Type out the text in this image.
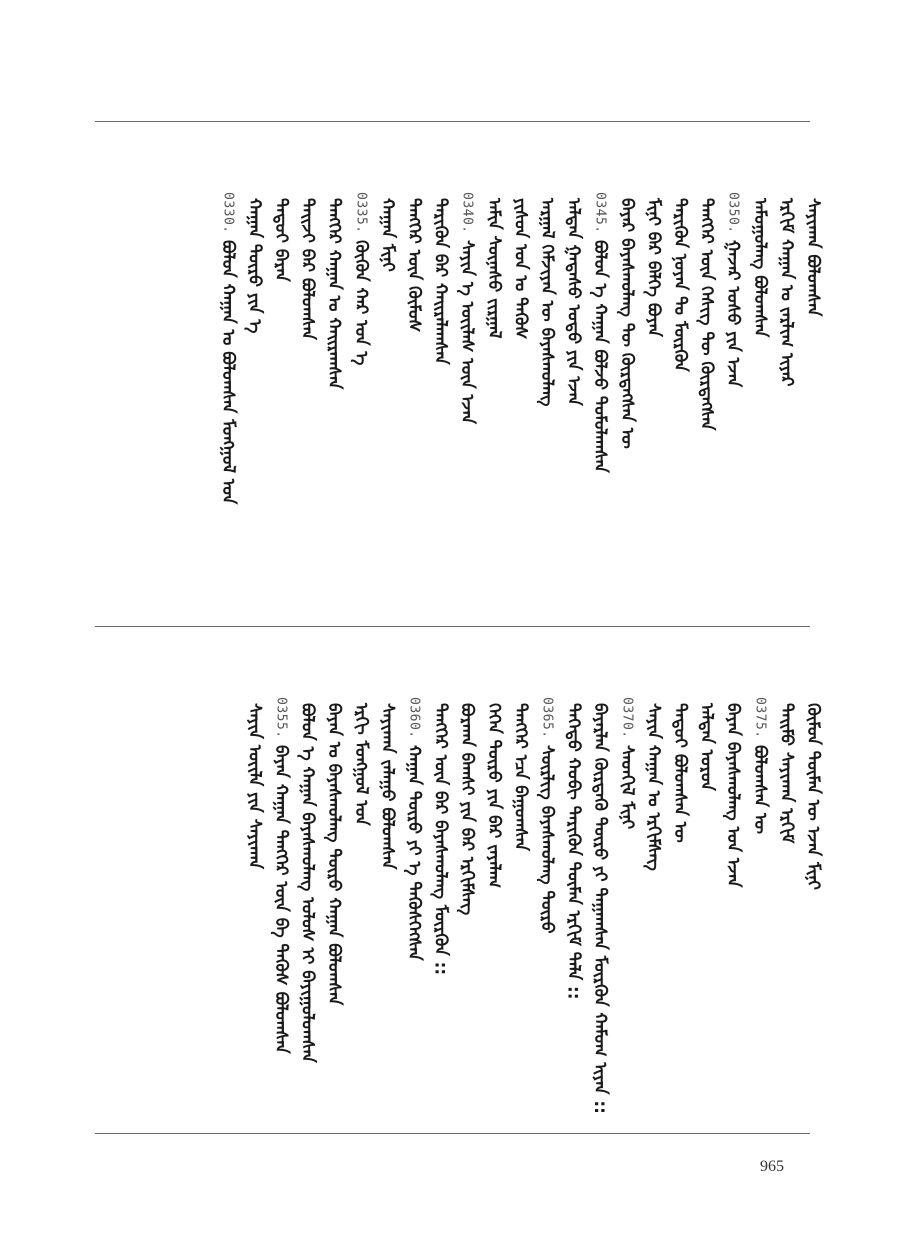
ᠰᠠᠶᠢᠬᠠᠨ ᠪᠣᠯᠤᠭᠰᠠᠨ
ᠡᠷᠬᠢᠮ ᠬᠠᠭᠠᠨ ᠤ ᠵᠠᠷᠯᠢᠭ ᠢᠶᠡᠷ
ᠠᠮᠤᠭᠤᠯᠠᠩ ᠪᠣᠯᠤᠭᠰᠠᠨ
0350.
ᠭᠠᠵᠠᠷ ᠤᠰᠤ ᠶᠢᠨ ᠡᠵᠡᠨ
ᠲᠡᠩᠭᠡᠷ ᠦᠨ ᠬᠡᠰᠢᠭ ᠲᠦ ᠬᠦᠷᠲᠡᠭᠰᠡᠨ
ᠲᠡᠷᠢᠭᠦᠨ ᠨᠣᠶᠠᠨ ᠲᠣ ᠮᠥᠷᠭᠦᠨ
ᠮᠢᠨᠢ ᠪᠠᠷ ᠪᠡᠯᠭᠡ ᠪᠤᠶᠠᠨ
ᠪᠠᠶᠠᠷ ᠪᠠᠶᠠᠰᠬᠤᠯᠠᠩ ᠲᠦ ᠬᠦᠷᠲᠡᠭᠰᠡᠨ ᠦ
0345.
ᠪᠣᠯᠤᠨ ᠡ ᠬᠠᠭᠠᠨ ᠪᠣᠯᠵᠤ ᠲᠣᠮᠣᠯᠠᠭᠰᠠᠨ
ᠠᠯᠲᠠᠨ ᠭᠠᠳᠠᠰᠤ ᠣᠳᠣ ᠶᠢᠨ ᠡᠵᠡᠨ
ᠠᠷᠭᠠᠯ ᠬᠡᠮᠵᠢᠶᠡᠨ ᠦ ᠪᠠᠶᠠᠰᠬᠤᠯᠠᠩ
ᠶᠢᠰᠦᠨ ᠣᠨ ᠤ ᠲᠡᠭᠦᠰ
ᠠᠮᠢᠨ ᠰᠦᠨᠡᠰᠦ ᠵᠢᠷᠭᠠᠯ
0340.
ᠰᠠᠶᠢᠨ ᠡ ᠦᠢᠯᠡᠰ ᠦᠨ ᠡᠵᠡᠨ
ᠲᠡᠷᠢᠭᠦᠨ ᠪᠠᠷ ᠬᠠᠢᠷᠠᠯᠠᠭᠰᠠᠨ
ᠲᠡᠩᠭᠡᠷ ᠦᠨ ᠬᠦᠮᠦᠰ
ᠬᠠᠭᠠᠨ ᠮᠢᠨᠢ
0335.
ᠭᠦᠭᠦᠨ ᠬᠠᠷ ᠤᠨ ᠡ
ᠲᠡᠩᠭᠡᠷ ᠬᠠᠭᠠᠨ ᠤ ᠬᠠᠢᠷᠠᠭᠰᠠᠨ
ᠲᠠᠢᠵᠢ ᠪᠠᠷ ᠪᠣᠯᠤᠭᠰᠠᠨ
ᠲᠡᠳᠦᠢ ᠪᠠᠷᠠᠨ
ᠬᠠᠭᠠᠨ ᠲᠥᠷᠦ ᠶᠢᠨ ᠡ
0330.
ᠪᠣᠯᠤᠨ ᠬᠠᠭᠠᠨ ᠤ ᠪᠣᠯᠤᠭᠰᠠᠨ ᠮᠣᠩᠭᠣᠯ ᠤᠨ
ᠬᠦᠮᠦᠨ ᠲᠦᠮᠡᠨ ᠦ ᠡᠵᠡᠨ ᠮᠢᠨᠢ
ᠲᠡᠢᠮᠦ ᠰᠠᠶᠢᠬᠠᠨ ᠡᠷᠬᠢᠮ
0375.
ᠪᠣᠯᠤᠭᠰᠠᠨ ᠦ
ᠪᠠᠶᠠᠨ ᠪᠠᠶᠠᠰᠬᠤᠯᠠᠩ ᠤᠨ ᠡᠵᠡᠨ
ᠠᠯᠲᠠᠨ ᠣᠷᠣᠨ
ᠲᠡᠳᠦᠢ ᠪᠣᠯᠤᠭᠰᠠᠨ ᠦ
ᠰᠠᠶᠢᠨ ᠬᠠᠭᠠᠨ ᠤ ᠡᠷᠬᠢᠮᠰᠡᠭ
0370.
ᠰᠡᠳᠬᠢᠯ ᠮᠢᠨᠢ
ᠪᠠᠶᠠᠷᠯᠠᠨ ᠬᠦᠷᠲᠡᠬᠦ ᠲᠥᠷᠦ ᠶᠢ ᠳᠠᠭᠠᠭᠰᠠᠨ ᠮᠥᠷᠭᠦᠨ ᠬᠠᠮᠤᠭ ᠢᠶᠠᠨ ::
ᠳᠡᠭᠡᠳᠦ ᠬᠤᠪᠢ ᠲᠡᠷᠢᠭᠦᠨ ᠲᠦᠮᠡᠨ ᠡᠷᠬᠢᠮ ᠲᠠᠯᠠ ::
0365.
ᠰᠦᠷᠯᠢᠭ ᠪᠠᠶᠠᠰᠬᠤᠯᠠᠩ ᠲᠥᠷᠦ
ᠲᠡᠩᠭᠡᠷ ᠡᠴᠡ ᠪᠠᠭᠤᠭᠰᠠᠨ
ᠭᠡᠭᠡᠨ ᠲᠥᠷᠦ ᠶᠢᠨ ᠪᠠᠷ ᠵᠠᠶᠠᠯᠠᠭ
ᠪᠣᠷᠬᠠᠨ ᠪᠠᠭᠰᠢ ᠶᠢᠨ ᠪᠠᠷ ᠡᠷᠬᠢᠮᠰᠡᠭ
ᠲᠡᠩᠭᠡᠷ ᠦᠨ ᠪᠠᠷ ᠪᠠᠶᠠᠰᠬᠤᠯᠠᠩ ᠮᠥᠷᠭᠦᠨ ::
0360.
ᠬᠠᠭᠠᠨ ᠲᠥᠷᠦ ᠶᠢ ᠡ ᠲᠡᠭᠦᠰᠭᠡᠭᠰᠡᠨ
ᠰᠠᠶᠢᠬᠠᠨ ᠵᠠᠯᠠᠭᠤ ᠪᠣᠯᠤᠭᠰᠠᠨ
ᠡᠷᠬᠢ ᠮᠣᠩᠭᠣᠯ ᠤᠨ
ᠪᠠᠶᠠᠨ ᠤ ᠪᠠᠶᠠᠰᠬᠤᠯᠠᠩ ᠲᠥᠷᠦ ᠬᠠᠭᠠᠨ ᠪᠣᠯᠤᠭᠰᠠᠨ
ᠪᠣᠯᠤᠨ ᠡ ᠬᠠᠭᠠᠨ ᠪᠠᠶᠠᠰᠬᠤᠯᠠᠩ ᠤᠯᠤᠰ ᠢ ᠪᠠᠶᠢᠭᠤᠯᠤᠭᠰᠠᠨ
0355.
ᠪᠠᠶᠠᠨ ᠬᠠᠭᠠᠨ ᠲᠡᠩᠭᠡᠷ ᠦᠨ ᠪᠠ ᠲᠡᠭᠦᠰ ᠪᠣᠯᠤᠭᠰᠠᠨ
ᠰᠠᠶᠢᠨ ᠦᠢᠯᠡ ᠶᠢᠨ ᠰᠠᠶᠢᠬᠠᠨ
965
